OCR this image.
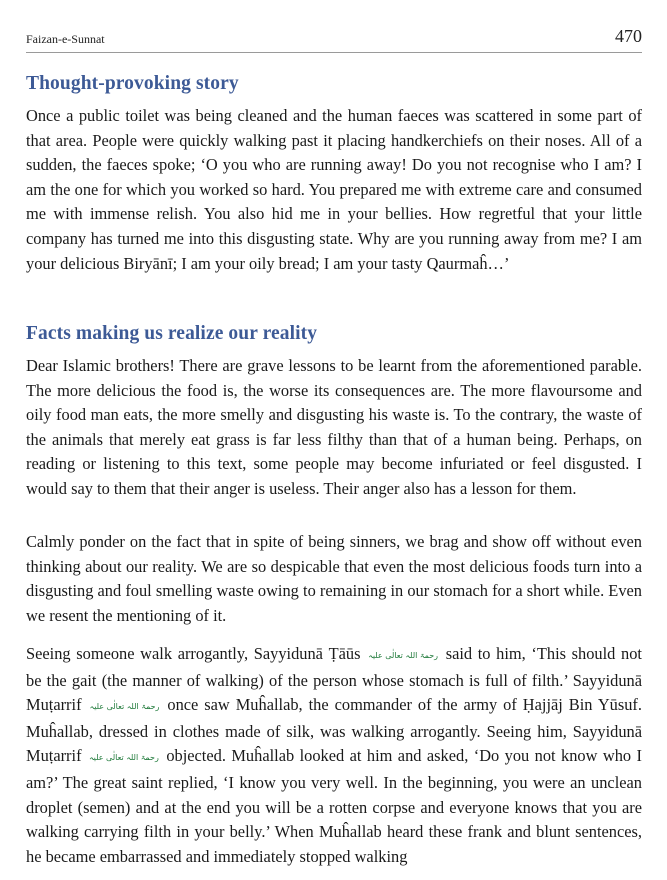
Faizan-e-Sunnat	470
Thought-provoking story

Once a public toilet was being cleaned and the human faeces was scattered in some part of that area. People were quickly walking past it placing handkerchiefs on their noses. All of a sudden, the faeces spoke; ‘O you who are running away! Do you not recognise who I am? I am the one for which you worked so hard. You prepared me with extreme care and consumed me with immense relish. You also hid me in your bellies. How regretful that your little company has turned me into this disgusting state. Why are you running away from me? I am your delicious Biryānī; I am your oily bread; I am your tasty Qaurmaĥ…’

Facts making us realize our reality

Dear Islamic brothers! There are grave lessons to be learnt from the aforementioned parable. The more delicious the food is, the worse its consequences are. The more flavoursome and oily food man eats, the more smelly and disgusting his waste is. To the contrary, the waste of the animals that merely eat grass is far less filthy than that of a human being. Perhaps, on reading or listening to this text, some people may become infuriated or feel disgusted. I would say to them that their anger is useless. Their anger also has a lesson for them.

Calmly ponder on the fact that in spite of being sinners, we brag and show off without even thinking about our reality. We are so despicable that even the most delicious foods turn into a disgusting and foul smelling waste owing to remaining in our stomach for a short while. Even we resent the mentioning of it.

Seeing someone walk arrogantly, Sayyidunā Ṭāūs رحمۃ اللہ تعالٰی علیہ said to him, ‘This should not be the gait (the manner of walking) of the person whose stomach is full of filth.’ Sayyidunā Muṭarrif رحمۃ اللہ تعالٰی علیہ once saw Muĥallab, the commander of the army of Ḥajjāj Bin Yūsuf. Muĥallab, dressed in clothes made of silk, was walking arrogantly. Seeing him, Sayyidunā Muṭarrif رحمۃ اللہ تعالٰی علیہ objected. Muĥallab looked at him and asked, ‘Do you not know who I am?’ The great saint replied, ‘I know you very well. In the beginning, you were an unclean droplet (semen) and at the end you will be a rotten corpse and everyone knows that you are walking carrying filth in your belly.’ When Muĥallab heard these frank and blunt sentences, he became embarrassed and immediately stopped walking
